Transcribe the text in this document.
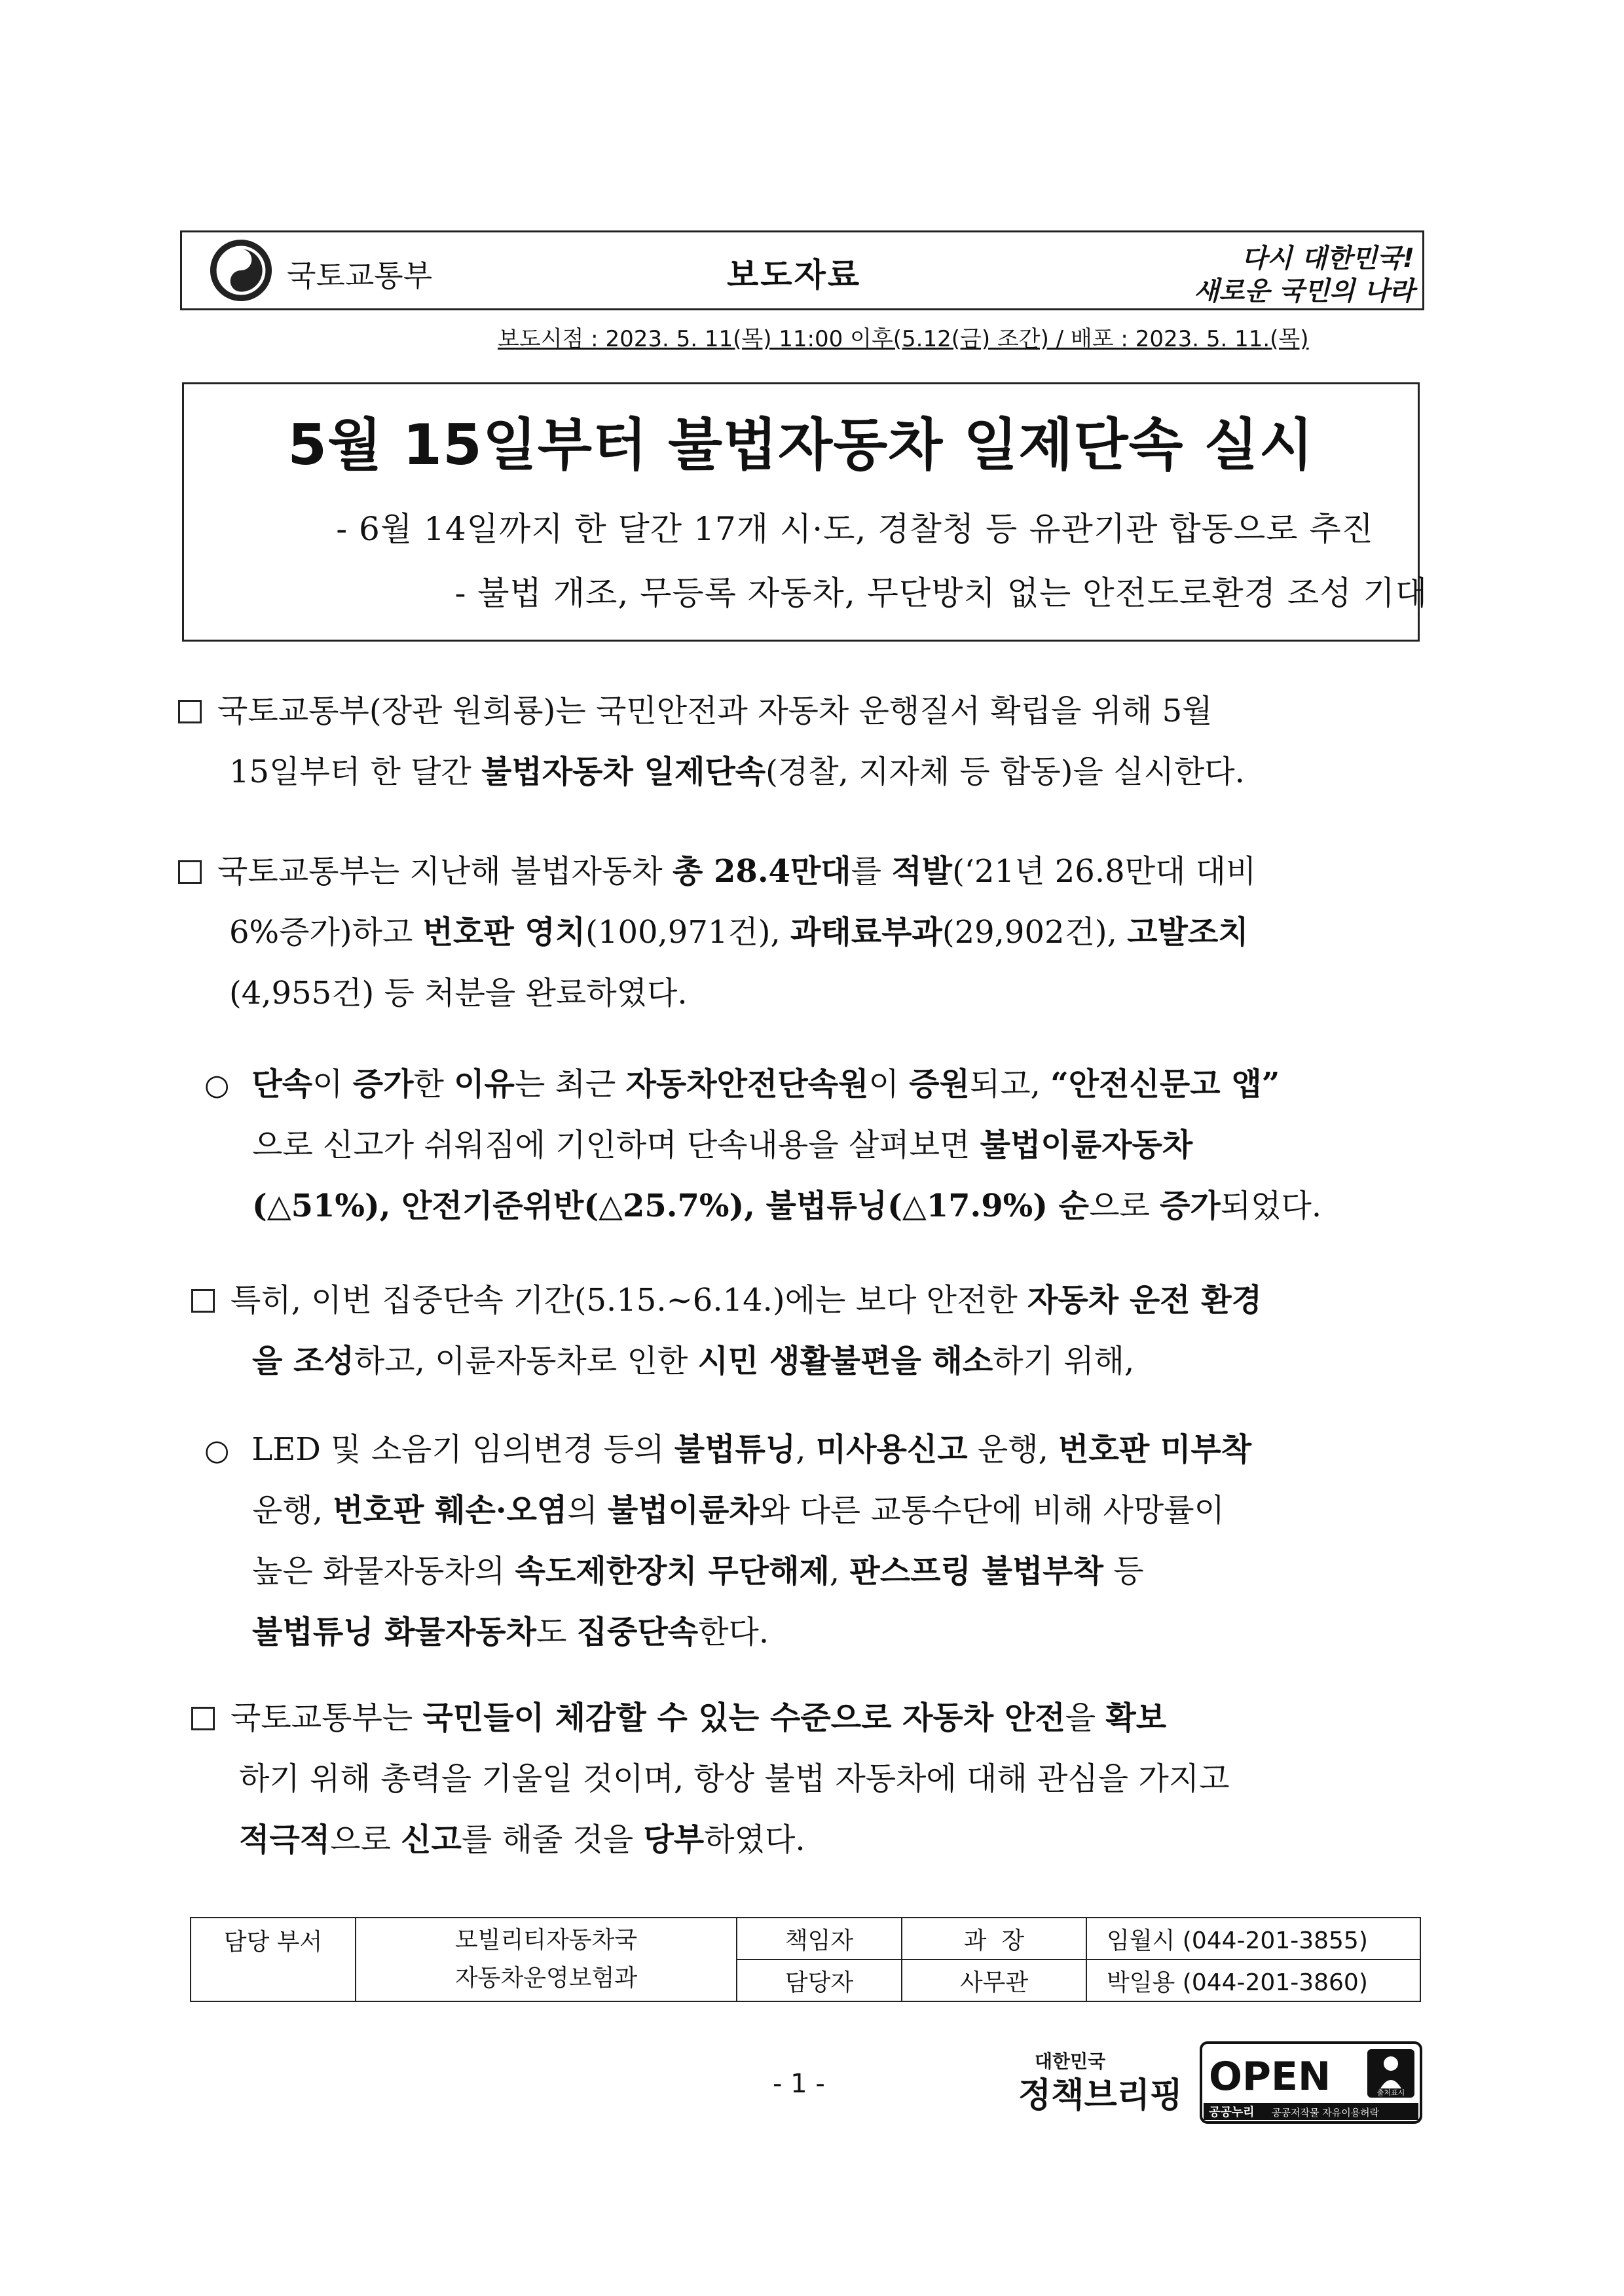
국토교통부	보도자료	다시 대한민국!
새로운 국민의 나라
보도시점 : 2023. 5. 11(목) 11:00 이후(5.12(금) 조간) / 배포 : 2023. 5. 11.(목)
5월 15일부터 불법자동차 일제단속 실시
- 6월 14일까지 한 달간 17개 시·도, 경찰청 등 유관기관 합동으로 추진
- 불법 개조, 무등록 자동차, 무단방치 없는 안전도로환경 조성 기대
국토교통부(장관 원희룡)는 국민안전과 자동차 운행질서 확립을 위해 5월
15일부터 한 달간 불법자동차 일제단속(경찰, 지자체 등 합동)을 실시한다.
국토교통부는 지난해 불법자동차 총 28.4만대를 적발(‘21년 26.8만대 대비
6%증가)하고 번호판 영치(100,971건), 과태료부과(29,902건), 고발조치
(4,955건) 등 처분을 완료하였다.
○ 단속이 증가한 이유는 최근 자동차안전단속원이 증원되고, “안전신문고 앱”
으로 신고가 쉬워짐에 기인하며 단속내용을 살펴보면 불법이륜자동차
(△51%), 안전기준위반(△25.7%), 불법튜닝(△17.9%) 순으로 증가되었다.
특히, 이번 집중단속 기간(5.15.~6.14.)에는 보다 안전한 자동차 운전 환경
을 조성하고, 이륜자동차로 인한 시민 생활불편을 해소하기 위해,
○ LED 및 소음기 임의변경 등의 불법튜닝, 미사용신고 운행, 번호판 미부착
운행, 번호판 훼손·오염의 불법이륜차와 다른 교통수단에 비해 사망률이
높은 화물자동차의 속도제한장치 무단해제, 판스프링 불법부착 등
불법튜닝 화물자동차도 집중단속한다.
국토교통부는 국민들이 체감할 수 있는 수준으로 자동차 안전을 확보
하기 위해 총력을 기울일 것이며, 항상 불법 자동차에 대해 관심을 가지고
적극적으로 신고를 해줄 것을 당부하였다.
담당 부서	모빌리티자동차국
자동차운영보험과	책임자	과  장	임월시 (044-201-3855)
		담당자	사무관	박일용 (044-201-3860)
- 1 -
대한민국
정책브리핑 OPEN	출처표시
공공누리 공공저작물 자유이용허락
